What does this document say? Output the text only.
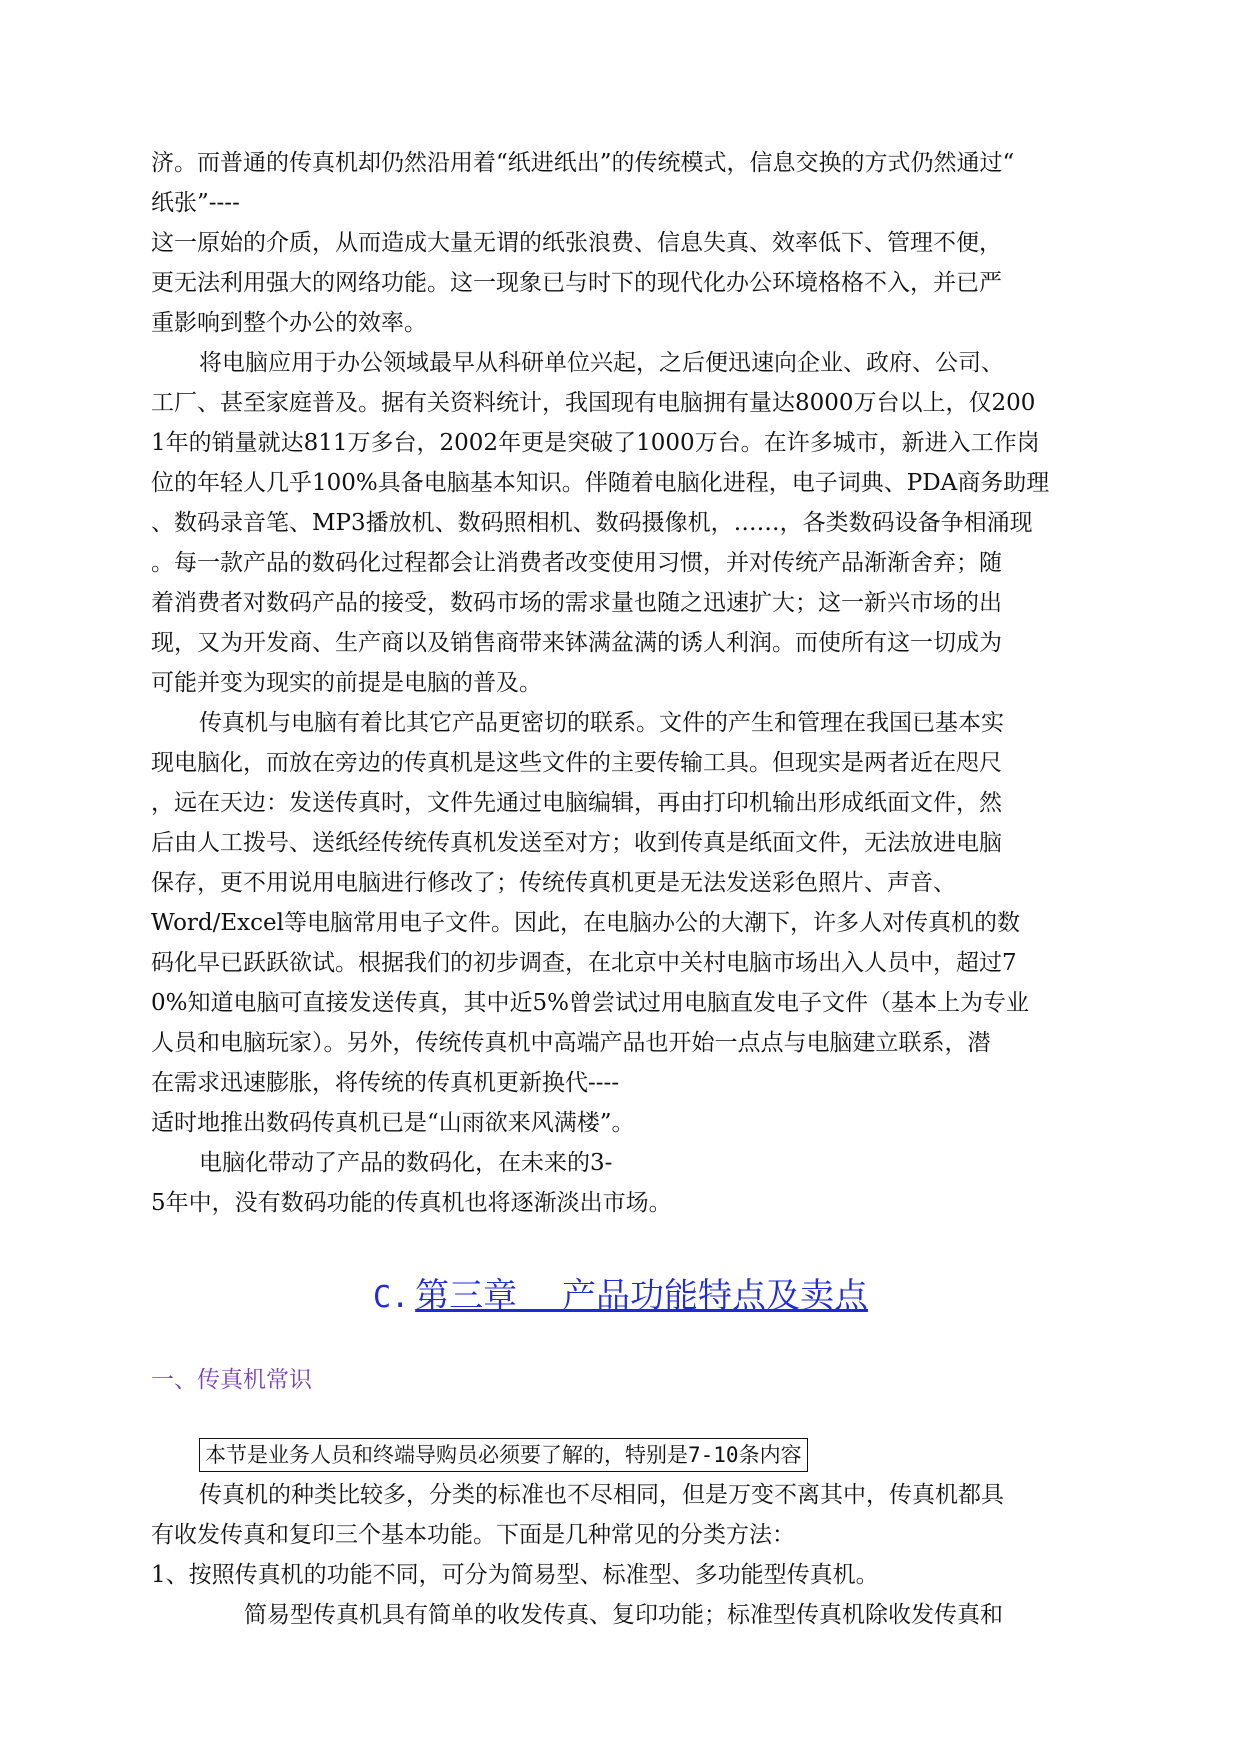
济。而普通的传真机却仍然沿用着“纸进纸出”的传统模式，信息交换的方式仍然通过“
纸张”----
这一原始的介质，从而造成大量无谓的纸张浪费、信息失真、效率低下、管理不便，
更无法利用强大的网络功能。这一现象已与时下的现代化办公环境格格不入，并已严
重影响到整个办公的效率。
将电脑应用于办公领域最早从科研单位兴起，之后便迅速向企业、政府、公司、
工厂、甚至家庭普及。据有关资料统计，我国现有电脑拥有量达8000万台以上，仅200
1年的销量就达811万多台，2002年更是突破了1000万台。在许多城市，新进入工作岗
位的年轻人几乎100%具备电脑基本知识。伴随着电脑化进程，电子词典、PDA商务助理
、数码录音笔、MP3播放机、数码照相机、数码摄像机，……，各类数码设备争相涌现
。每一款产品的数码化过程都会让消费者改变使用习惯，并对传统产品渐渐舍弃；随
着消费者对数码产品的接受，数码市场的需求量也随之迅速扩大；这一新兴市场的出
现，又为开发商、生产商以及销售商带来钵满盆满的诱人利润。而使所有这一切成为
可能并变为现实的前提是电脑的普及。
传真机与电脑有着比其它产品更密切的联系。文件的产生和管理在我国已基本实
现电脑化，而放在旁边的传真机是这些文件的主要传输工具。但现实是两者近在咫尺
，远在天边：发送传真时，文件先通过电脑编辑，再由打印机输出形成纸面文件，然
后由人工拨号、送纸经传统传真机发送至对方；收到传真是纸面文件，无法放进电脑
保存，更不用说用电脑进行修改了；传统传真机更是无法发送彩色照片、声音、
Word/Excel等电脑常用电子文件。因此，在电脑办公的大潮下，许多人对传真机的数
码化早已跃跃欲试。根据我们的初步调查，在北京中关村电脑市场出入人员中，超过7
0%知道电脑可直接发送传真，其中近5%曾尝试过用电脑直发电子文件（基本上为专业
人员和电脑玩家）。另外，传统传真机中高端产品也开始一点点与电脑建立联系，潜
在需求迅速膨胀，将传统的传真机更新换代----
适时地推出数码传真机已是“山雨欲来风满楼”。
电脑化带动了产品的数码化，在未来的3-
5年中，没有数码功能的传真机也将逐渐淡出市场。
C. 第三章　 产品功能特点及卖点
一、传真机常识
本节是业务人员和终端导购员必须要了解的，特别是7-10条内容
传真机的种类比较多，分类的标准也不尽相同，但是万变不离其中，传真机都具
有收发传真和复印三个基本功能。下面是几种常见的分类方法：
1、按照传真机的功能不同，可分为简易型、标准型、多功能型传真机。
简易型传真机具有简单的收发传真、复印功能；标准型传真机除收发传真和
